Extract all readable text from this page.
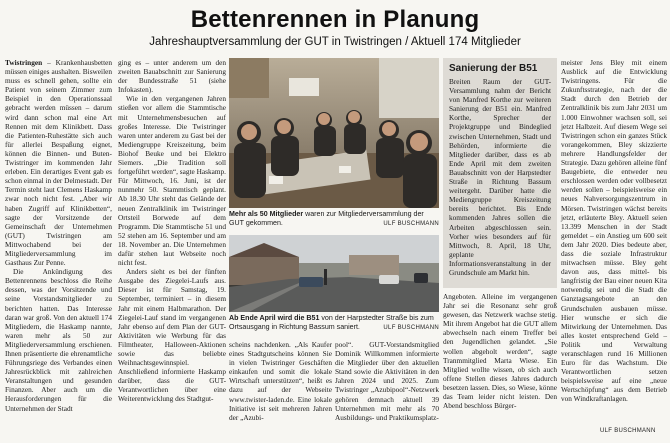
Bettenrennen in Planung
Jahreshauptversammlung der GUT in Twistringen / Aktuell 174 Mitglieder

Twistringen – Krankenhausbetten müssen einiges aushalten. Bisweilen muss es schnell gehen, sollte ein Patient von seinem Zimmer zum Beispiel in den Operationssaal gebracht werden müssen – darum wird dann schon mal eine Art Rennen mit dem Klinikbett. Dass die Patienten-Ruhestätte sich auch für allerlei Bespaßung eignet, können die Binnen- und Buten-Twistringer im kommenden Jahr erleben. Ein derartiges Event gab es schon einmal in der Delmestadt. Der Termin steht laut Clemens Haskamp zwar noch nicht fest. „Aber wir haben Zugriff auf Klinikbetten“, sagte der Vorsitzende der Gemeinschaft der Unternehmen (GUT) Twistringen am Mittwochabend bei der Mitgliederversammlung im Gasthaus Zur Penne.

Die Ankündigung des Bettenrennens beschloss die Reihe dessen, was der Vorsitzende und seine Vorstandsmitglieder zu berichten hatten. Das Interesse daran war groß. Von den aktuell 174 Mitgliedern, die Haskamp nannte, waren mehr als 50 zur Mitgliederversammlung erschienen. Ihnen präsentierte die ehrenamtliche Führungsriege des Verbandes einen Jahresrückblick mit zahlreichen Veranstaltungen und gesunden Finanzen. Aber auch um die Herausforderungen für die Unternehmen der Stadt

ging es – unter anderem um den zweiten Bauabschnitt zur Sanierung der Bundesstraße 51 (siehe Infokasten).

Wie in den vergangenen Jahren stießen vor allem die Stammtische mit Unternehmensbesuchen auf großes Interesse. Die Twistringer waren unter anderem zu Gast bei der Mediengruppe Kreiszeitung, beim Biohof Beuke und bei Elektro Siemers. „Die Tradition soll fortgeführt werden“, sagte Haskamp. Für Mittwoch, 16. Juni, ist der nunmehr 50. Stammtisch geplant. Ab 18.30 Uhr steht das Gelände der neuen Zentralklinik im Twistringer Ortsteil Borwede auf dem Programm. Die Stammtische 51 und 52 stehen am 16. September und am 18. November an. Die Unternehmen dafür stehen laut Webseite noch nicht fest.

Anders sieht es bei der fünften Ausgabe des Ziegelei-Laufs aus. Dieser ist für Samstag, 19. September, terminiert – in diesem Jahr mit einem Halbmarathon. Der Ziegelei-Lauf stand im vergangenen Jahr ebenso auf dem Plan der GUT-Aktivitäten wie Werbung für das Filmtheater, Halloween-Aktionen sowie das beliebte Weihnachtsgewinnspiel. Anschließend informierte Haskamp darüber, dass die GUT-Verantwortlichen über eine Weiterentwicklung des Stadtgut-

Mehr als 50 Mitglieder waren zur Mitgliederversammlung der GUT gekommen.	ULF BUSCHMANN
Ab Ende April wird die B51 von der Harpstedter Straße bis zum Ortsausgang in Richtung Bassum saniert.	ULF BUSCHMANN
Sanierung der B51

Breiten Raum der GUT-Versammlung nahm der Bericht von Manfred Korthe zur weiteren Sanierung der B51 ein. Manfred Korthe, Sprecher der Projektgruppe und Bindeglied zwischen Unternehmen, Stadt und Behörden, informierte die Mitglieder darüber, dass es ab Ende April mit dem zweiten Bauabschnitt von der Harpstedter Straße in Richtung Bassum weitergeht. Darüber hatte die Mediengruppe Kreiszeitung bereits berichtet. Bis Ende kommenden Jahres sollen die Arbeiten abgeschlossen sein. Vorher wies besonders auf für Mittwoch, 8. April, 18 Uhr, geplante Informationsveranstaltung in der Grundschule am Markt hin.

scheins nachdenken. „Als Kaufer eines Stadtgutscheins können Sie in vielen Twistringer Geschäften einkaufen und somit die lokale Wirtschaft unterstützen“, heißt es dazu auf der Webseite www.twister-laden.de. Eine lokale Initiative ist seit mehreren Jahren der „Azubi-

pool“. GUT-Vorstandsmitglied Dominik Willkommen informierte die Mitglieder über den aktuellen Stand sowie die Aktivitäten in den Jahren 2024 und 2025. Zum Twistringer „Azubipool“-Netzwerk gehören demnach aktuell 39 Unternehmen mit mehr als 70 Ausbildungs- und Praktikumsplatz-

Angeboten. Alleine im vergangenen Jahr sei die Resonanz sehr groß gewesen, das Netzwerk wachse stetig. Mit ihrem Angebot hat die GUT allem abwechseln nach einem Treffer bei den Jugendlichen gelandet. „Sie wollen abgeholt werden“, sagte Tranmmitglied Marta Wiese. Ein Mitglied wollte wissen, ob sich auch offene Stellen dieses Jahres dadurch besetzen lassen. Dies, so Wiese, könne das Team leider nicht leisten. Den Abend beschloss Bürger-

meister Jens Bley mit einem Ausblick auf die Entwicklung Twistringens. Für die Zukunftsstrategie, nach der die Stadt durch den Betrieb der Zentralklinik bis zum Jahr 2031 um 1.000 Einwohner wachsen soll, sei jetzt Halbzeit. Auf diesem Wege sei Twistringen schon ein ganzes Stück vorangekommen, Bley skizzierte mehrere Handlungsfelder der Strategie. Dazu gehören alleine fünf Baugebiete, die entweder neu erschlossen werden oder vollbesetzt werden sollen – beispielsweise ein neues Nahversorgungszentrum in Mörsen. Twistringen wächst bereits jetzt, erläuterte Bley. Aktuell seien 13.399 Menschen in der Stadt gemeldet – ein Anstieg um 600 seit dem Jahr 2020. Dies bedeute aber, dass die soziale Infrastruktur mitwachsen müsse. Bley geht davon aus, dass mittel- bis langfristig der Bau einer neuen Kita notwendig sei und die Stadt die Ganztagsangebote an den Grundschulen ausbauen müsse. Hier wunsche er sich die Mitwirkung der Unternehmen. Das alles kostet entsprechend Geld – Politik und Verwaltung veranschlagen rund 16 Millionen Euro für das Wachstum. Die Verantwortlichen setzen beispielsweise auf eine „neue Wertschöpfung“ aus dem Betrieb von Windkraftanlagen.

ULF BUSCHMANN
